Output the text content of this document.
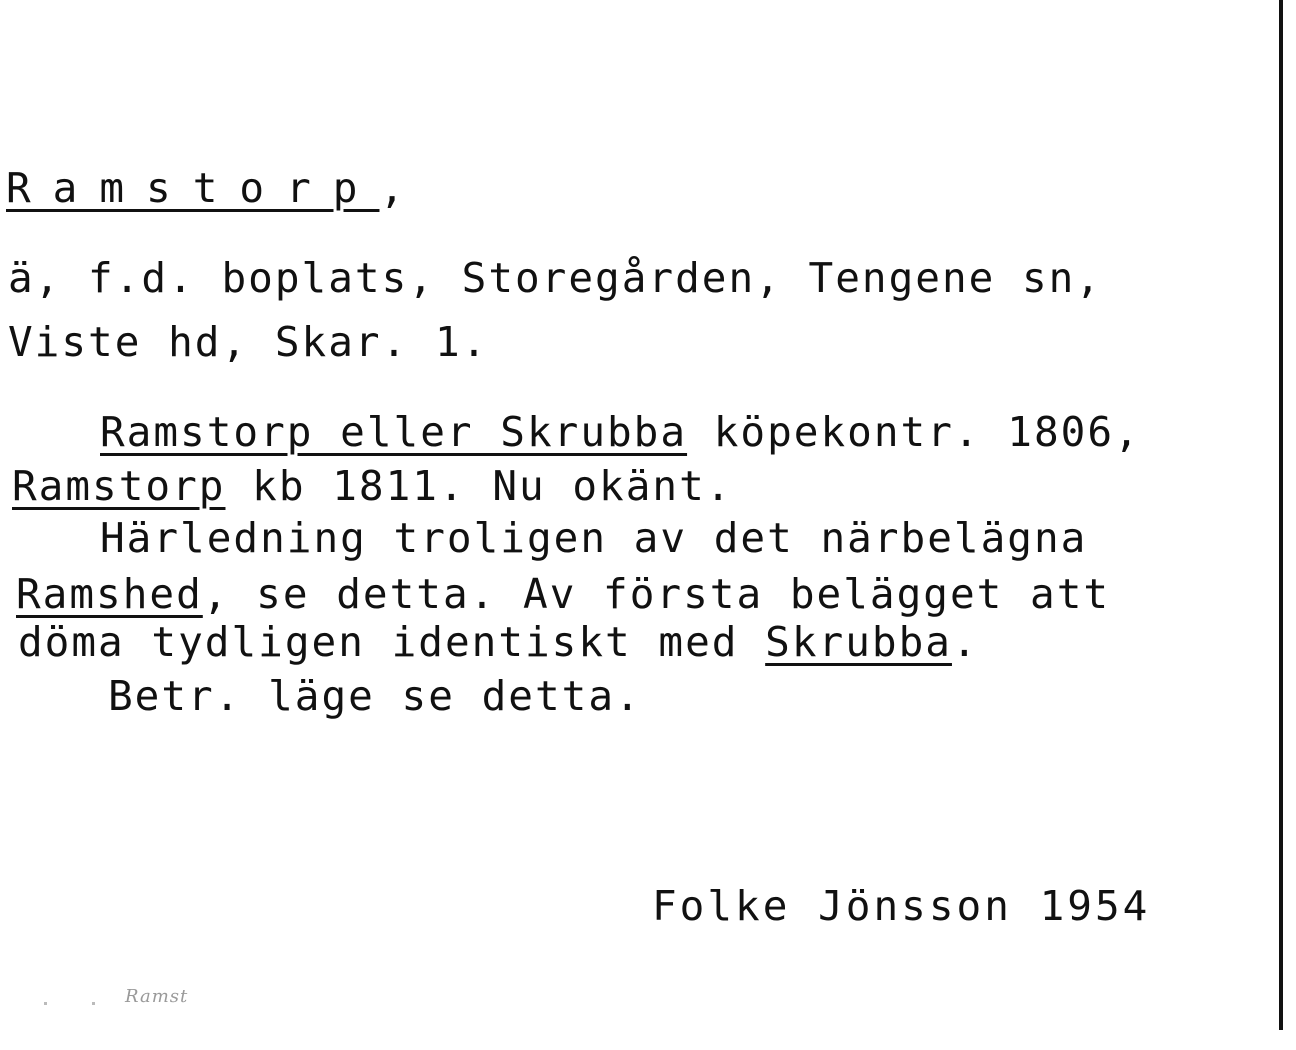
Ramstorp,
ä, f.d. boplats, Storegården, Tengene sn,
Viste hd, Skar. 1.
Ramstorp eller Skrubba köpekontr. 1806,
Ramstorp kb 1811. Nu okänt.
Härledning troligen av det närbelägna
Ramshed, se detta. Av första belägget att
döma tydligen identiskt med Skrubba.
Betr. läge se detta.
Folke Jönsson 1954
Ramst
